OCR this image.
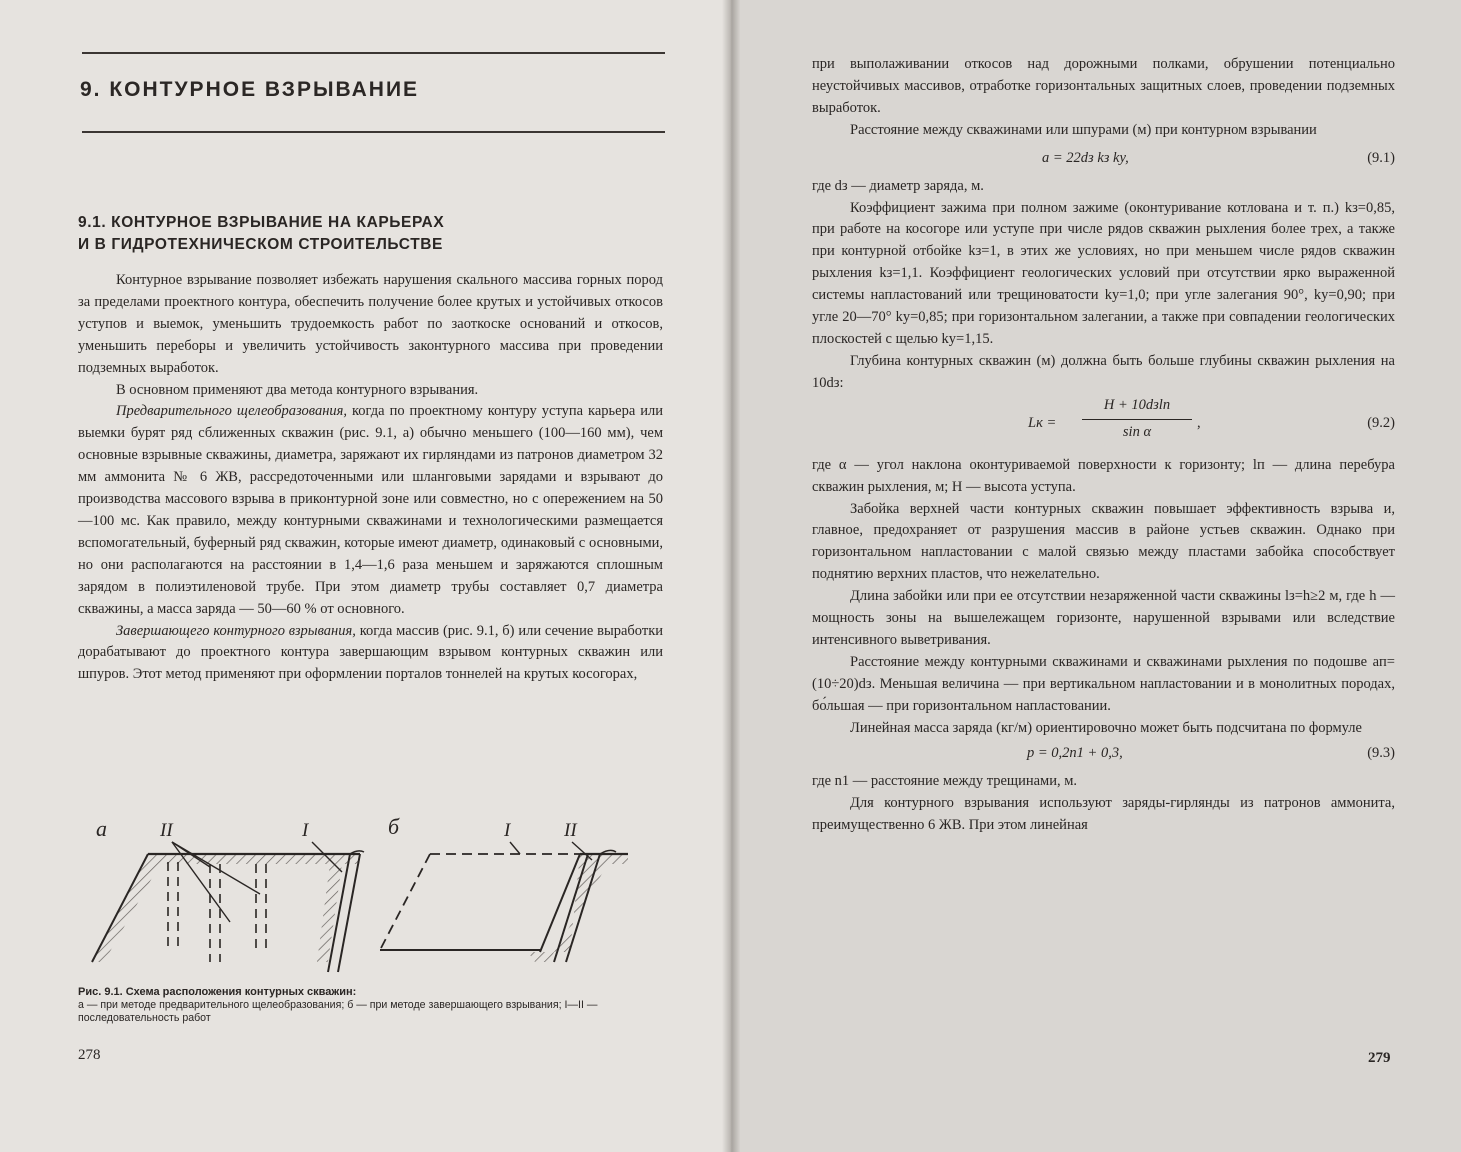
9. КОНТУРНОЕ ВЗРЫВАНИЕ
9.1. КОНТУРНОЕ ВЗРЫВАНИЕ НА КАРЬЕРАХ
И В ГИДРОТЕХНИЧЕСКОМ СТРОИТЕЛЬСТВЕ

Контурное взрывание позволяет избежать нарушения скального массива горных пород за пределами проектного контура, обеспечить получение более крутых и устойчивых откосов уступов и выемок, уменьшить трудоемкость работ по заоткоске оснований и откосов, уменьшить переборы и увеличить устойчивость законтурного массива при проведении подземных выработок.

В основном применяют два метода контурного взрывания.

Предварительного щелеобразования, когда по проектному контуру уступа карьера или выемки бурят ряд сближенных скважин (рис. 9.1, а) обычно меньшего (100—160 мм), чем основные взрывные скважины, диаметра, заряжают их гирляндами из патронов диаметром 32 мм аммонита № 6 ЖВ, рассредоточенными или шланговыми зарядами и взрывают до производства массового взрыва в приконтурной зоне или совместно, но с опережением на 50—100 мс. Как правило, между контурными скважинами и технологическими размещается вспомогательный, буферный ряд скважин, которые имеют диаметр, одинаковый с основными, но они располагаются на расстоянии в 1,4—1,6 раза меньшем и заряжаются сплошным зарядом в полиэтиленовой трубе. При этом диаметр трубы составляет 0,7 диаметра скважины, а масса заряда — 50—60 % от основного.

Завершающего контурного взрывания, когда массив (рис. 9.1, б) или сечение выработки дорабатывают до проектного контура завершающим взрывом контурных скважин или шпуров. Этот метод применяют при оформлении порталов тоннелей на крутых косогорах,

а	II	I	б	I	II
Рис. 9.1. Схема расположения контурных скважин:
а — при методе предварительного щелеобразования; б — при методе завершающего взрывания; I—II — последовательность работ
278

при выполаживании откосов над дорожными полками, обрушении потенциально неустойчивых массивов, отработке горизонтальных защитных слоев, проведении подземных выработок.

Расстояние между скважинами или шпурами (м) при контурном взрывании

a = 22dз kз kу,	(9.1)

где dз — диаметр заряда, м.

Коэффициент зажима при полном зажиме (оконтуривание котлована и т. п.) kз=0,85, при работе на косогоре или уступе при числе рядов скважин рыхления более трех, а также при контурной отбойке kз=1, в этих же условиях, но при меньшем числе рядов скважин рыхления kз=1,1. Коэффициент геологических условий при отсутствии ярко выраженной системы напластований или трещиноватости kу=1,0; при угле залегания 90°, kу=0,90; при угле 20—70° kу=0,85; при горизонтальном залегании, а также при совпадении геологических плоскостей с щелью kу=1,15.

Глубина контурных скважин (м) должна быть больше глубины скважин рыхления на 10dз:

Lк =
H + 10dзlп
sin α
,	(9.2)

где α — угол наклона оконтуриваемой поверхности к горизонту; lп — длина перебура скважин рыхления, м; H — высота уступа.

Забойка верхней части контурных скважин повышает эффективность взрыва и, главное, предохраняет от разрушения массив в районе устьев скважин. Однако при горизонтальном напластовании с малой связью между пластами забойка способствует поднятию верхних пластов, что нежелательно.

Длина забойки или при ее отсутствии незаряженной части скважины lз=h≥2 м, где h — мощность зоны на вышележащем горизонте, нарушенной взрывами или вследствие интенсивного выветривания.

Расстояние между контурными скважинами и скважинами рыхления по подошве aп=(10÷20)dз. Меньшая величина — при вертикальном напластовании и в монолитных породах, бо́льшая — при горизонтальном напластовании.

Линейная масса заряда (кг/м) ориентировочно может быть подсчитана по формуле

p = 0,2n1 + 0,3,	(9.3)

где n1 — расстояние между трещинами, м.

Для контурного взрывания используют заряды-гирлянды из патронов аммонита, преимущественно 6 ЖВ. При этом линейная

279
